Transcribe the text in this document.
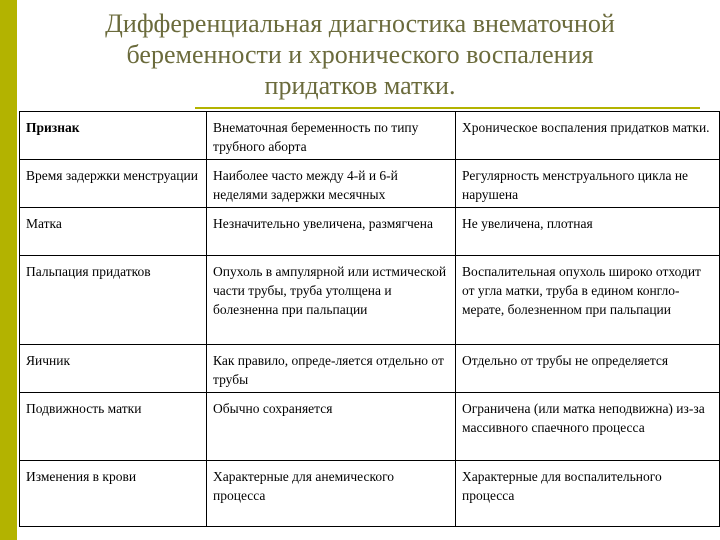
Дифференциальная диагностика внематочной
беременности и хронического воспаления
придатков матки.
Признак	Внематочная беременность по типу трубного аборта	Хроническое воспаления придатков матки.
Время задержки менструации	Наиболее часто между 4-й и 6-й неделями задержки месячных	Регулярность менструального цикла не нарушена
Матка	Незначительно увеличена, размягчена	Не увеличена, плотная
Пальпация придатков	Опухоль в ампулярной или истмической части трубы, труба утолщена и болезненна при пальпации	Воспалительная опухоль широко отходит от угла матки, труба в едином конгло-мерате, болезненном при пальпации
Яичник	Как правило, опреде-ляется отдельно от трубы	Отдельно от трубы не определяется
Подвижность матки	Обычно сохраняется	Ограничена (или матка неподвижна) из-за массивного спаечного процесса
Изменения в крови	Характерные для анемического процесса	Характерные для воспалительного процесса
